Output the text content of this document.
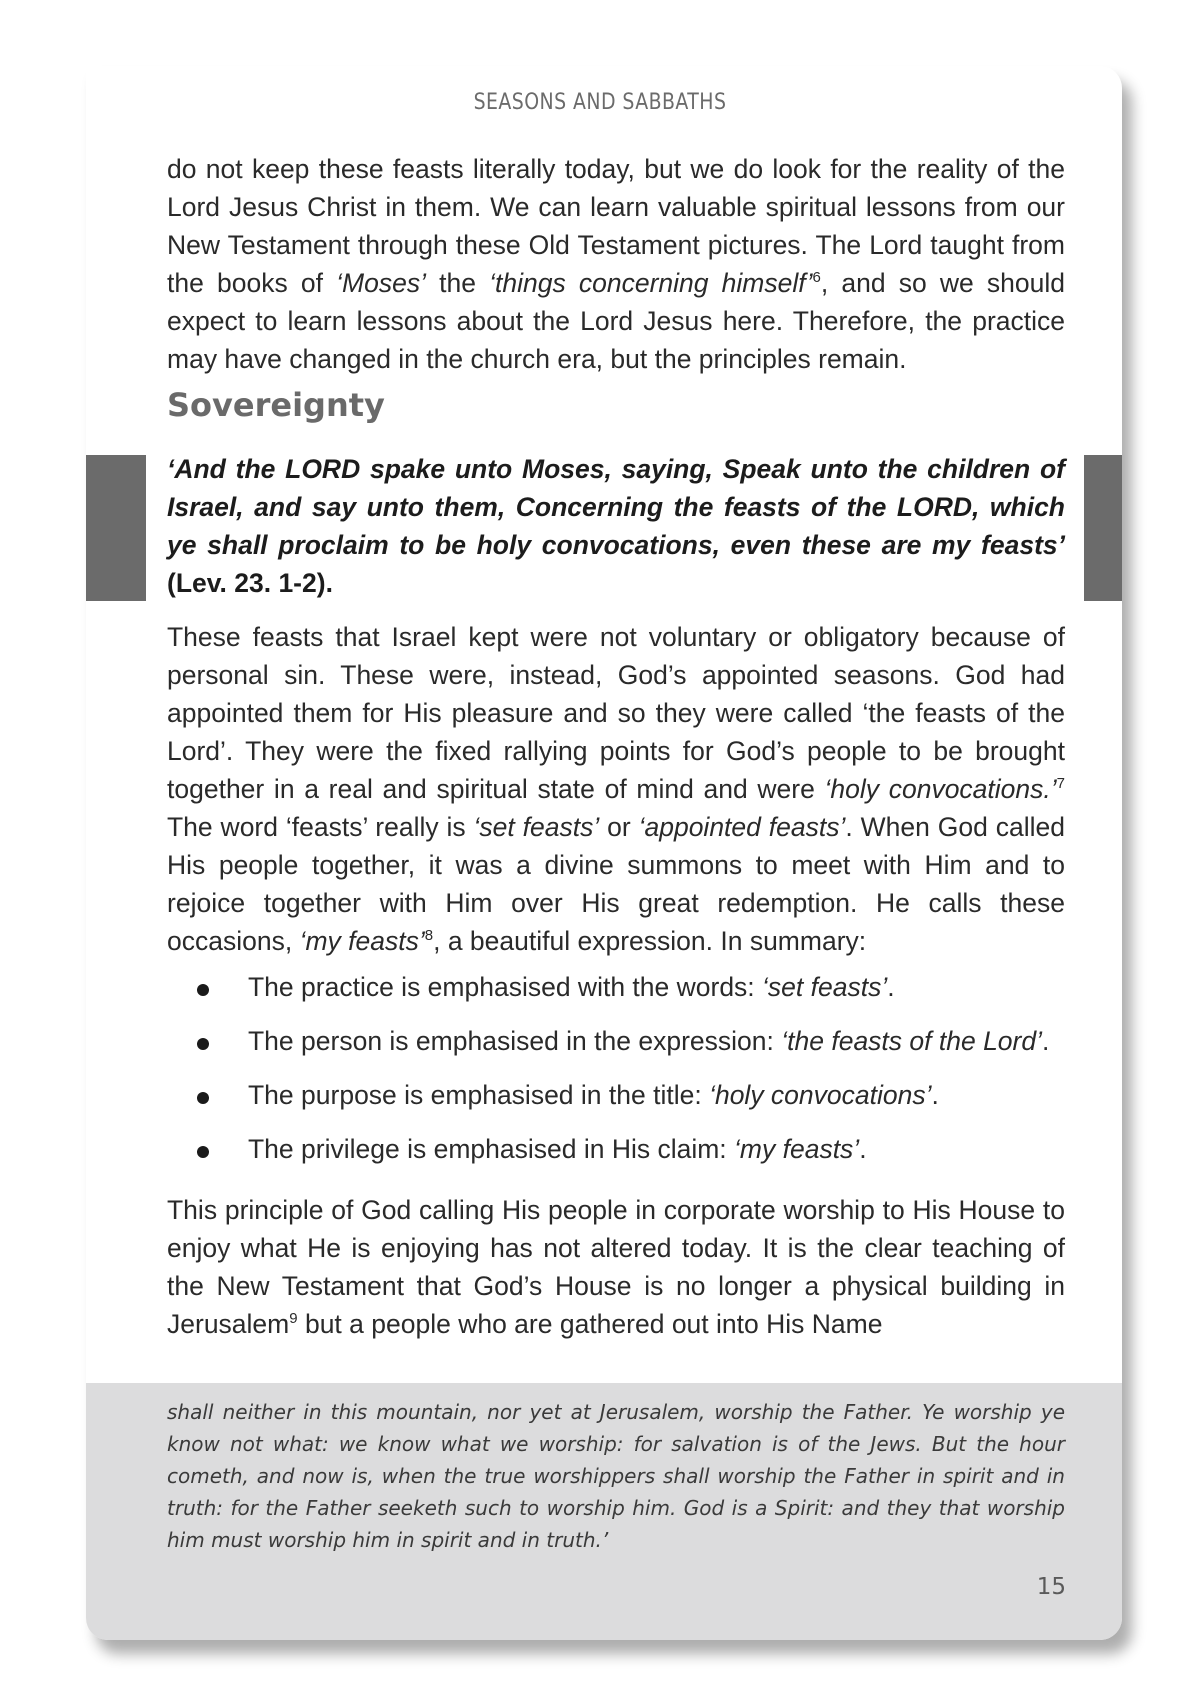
SEASONS AND SABBATHS

do not keep these feasts literally today, but we do look for the reality of the Lord Jesus Christ in them. We can learn valuable spiritual lessons from our New Testament through these Old Testament pictures. The Lord taught from the books of ‘Moses’ the ‘things concerning himself’$^6$, and so we should expect to learn lessons about the Lord Jesus here. Therefore, the practice may have changed in the church era, but the principles remain.

Sovereignty

‘And the LORD spake unto Moses, saying, Speak unto the children of Israel, and say unto them, Concerning the feasts of the LORD, which ye shall proclaim to be holy convocations, even these are my feasts’ (Lev. 23. 1-2).

These feasts that Israel kept were not voluntary or obligatory because of personal sin. These were, instead, God’s appointed seasons. God had appointed them for His pleasure and so they were called ‘the feasts of the Lord’. They were the fixed rallying points for God’s people to be brought together in a real and spiritual state of mind and were ‘holy convocations.’$^7$ The word ‘feasts’ really is ‘set feasts’ or ‘appointed feasts’. When God called His people together, it was a divine summons to meet with Him and to rejoice together with Him over His great redemption. He calls these occasions, ‘my feasts’$^8$, a beautiful expression. In summary:

The practice is emphasised with the words: ‘set feasts’.
The person is emphasised in the expression: ‘the feasts of the Lord’.
The purpose is emphasised in the title: ‘holy convocations’.
The privilege is emphasised in His claim: ‘my feasts’.

This principle of God calling His people in corporate worship to His House to enjoy what He is enjoying has not altered today. It is the clear teaching of the New Testament that God’s House is no longer a physical building in Jerusalem$^9$ but a people who are gathered out into His Name

shall neither in this mountain, nor yet at Jerusalem, worship the Father. Ye worship ye know not what: we know what we worship: for salvation is of the Jews. But the hour cometh, and now is, when the true worshippers shall worship the Father in spirit and in truth: for the Father seeketh such to worship him. God is a Spirit: and they that worship him must worship him in spirit and in truth.’

15
